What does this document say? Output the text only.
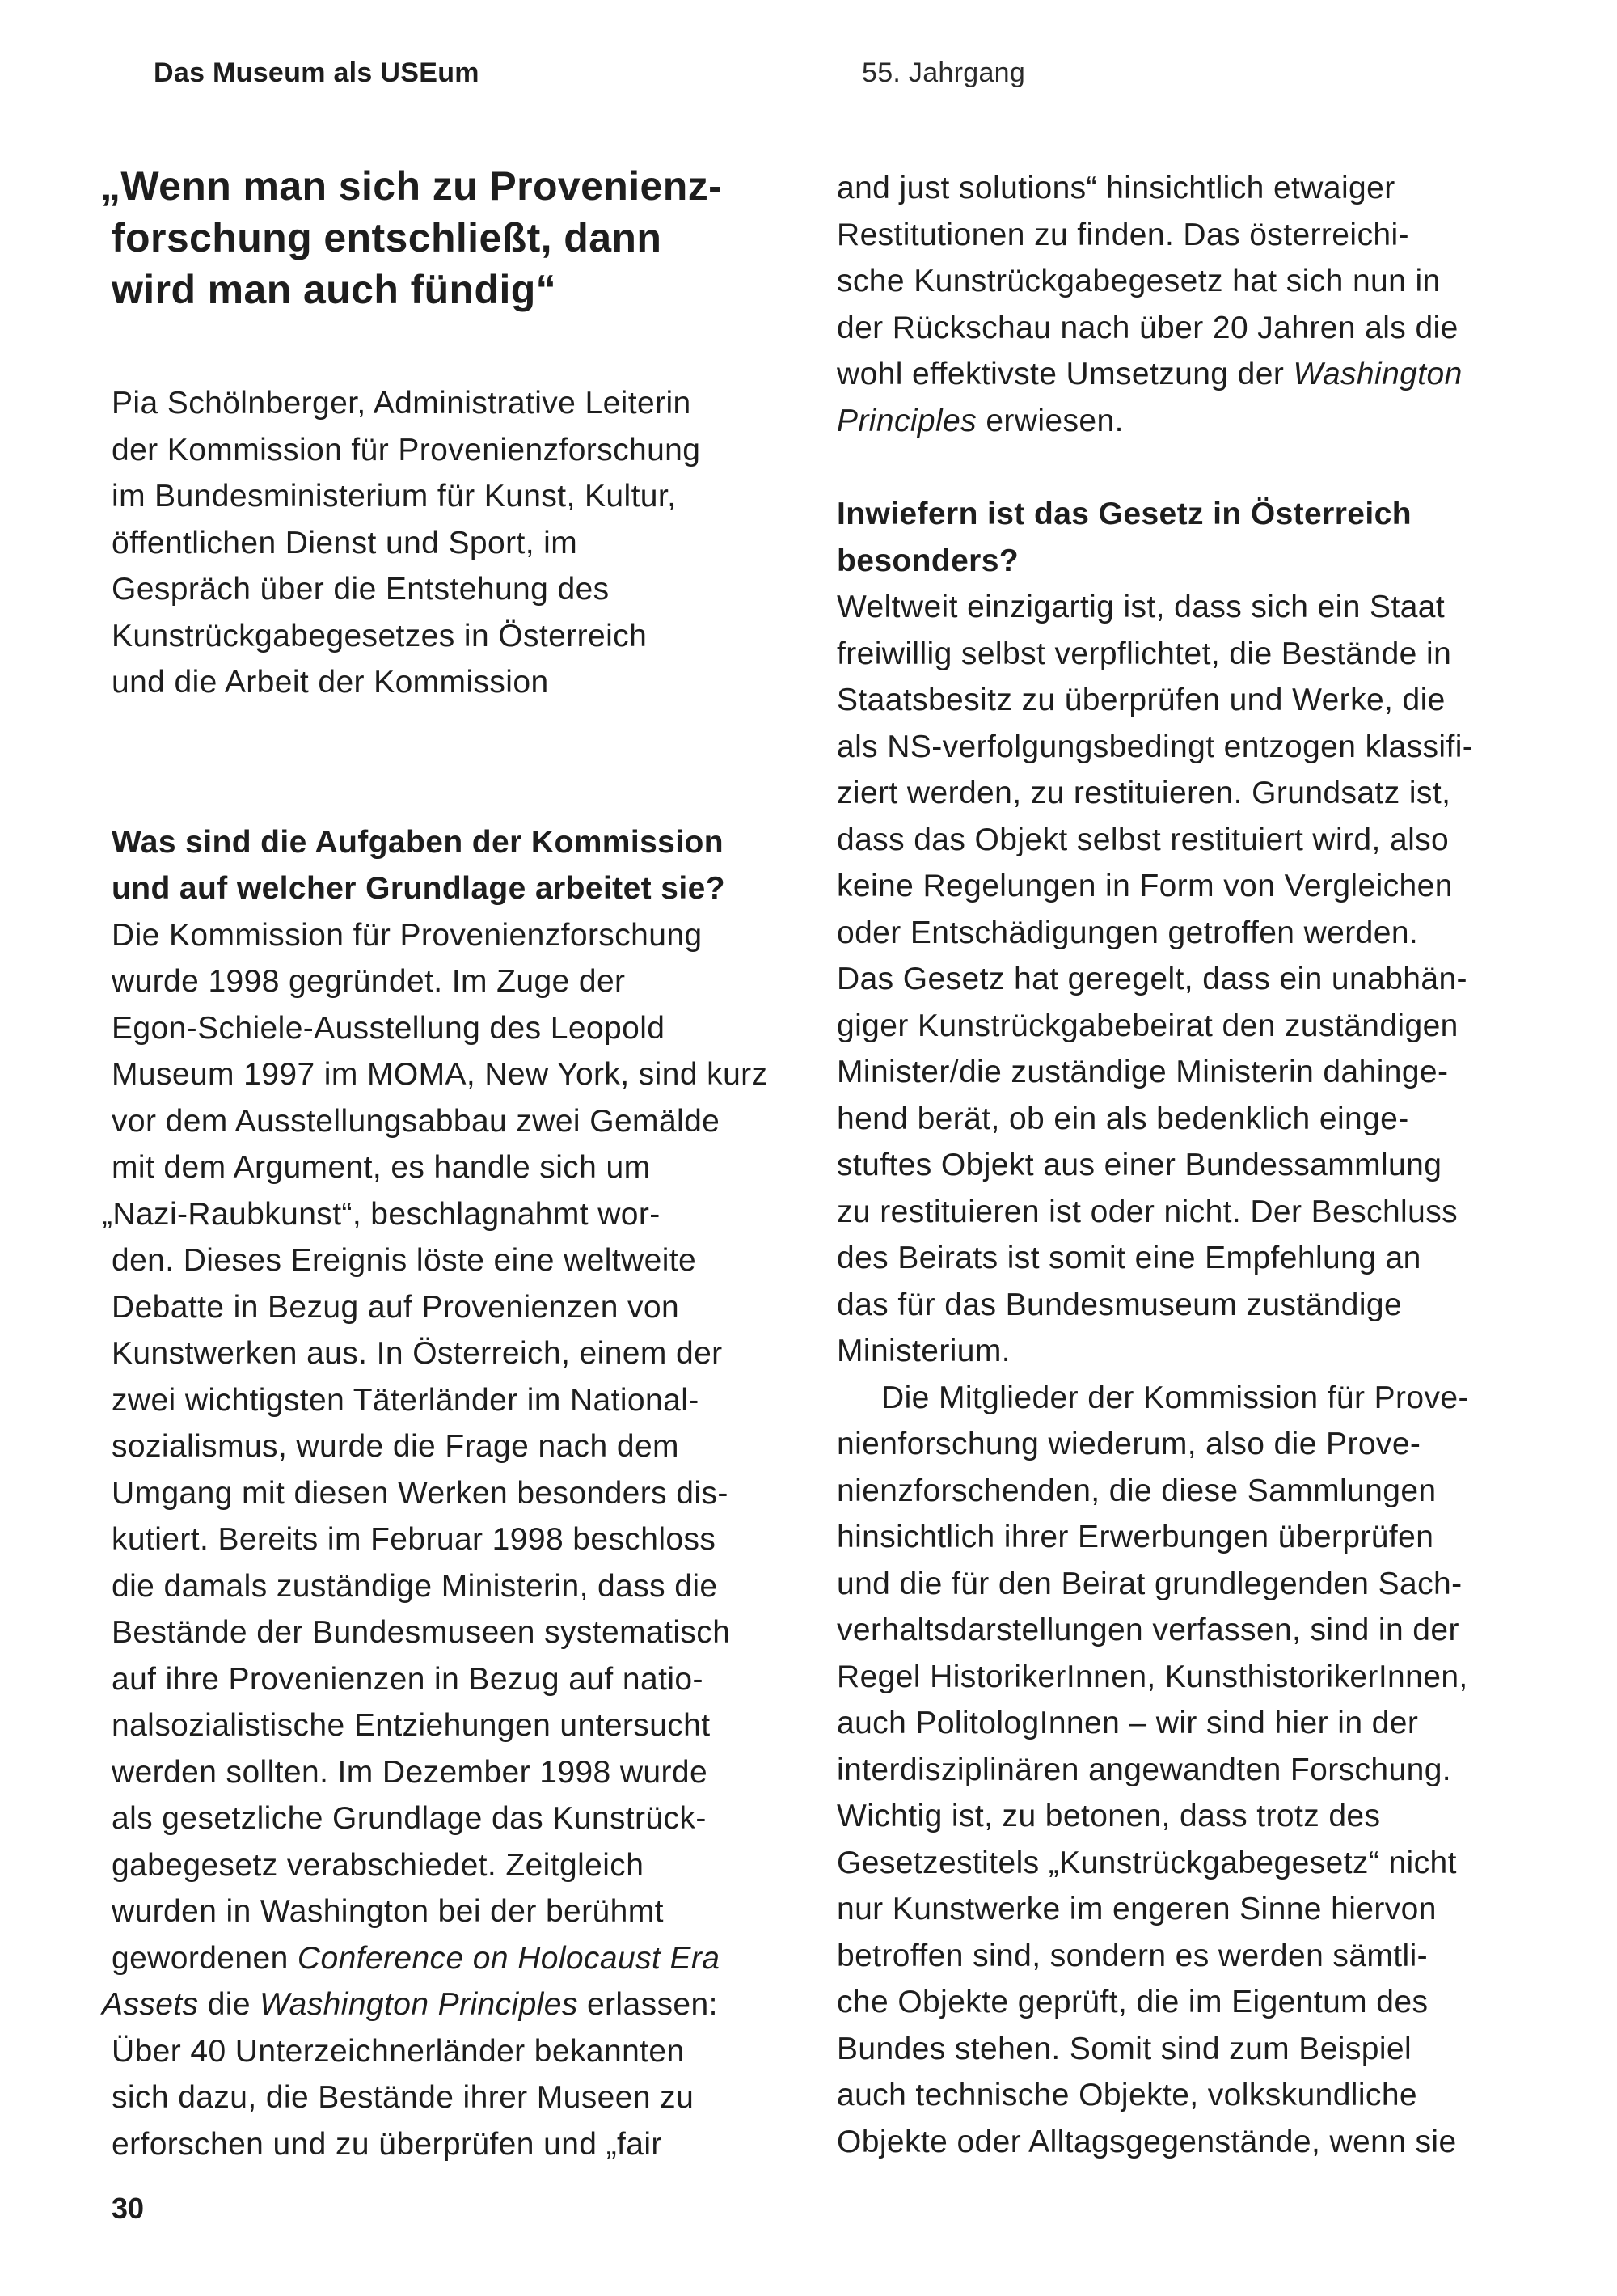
Das Museum als USEum	55. Jahrgang
„Wenn man sich zu Provenienz-
forschung entschließt, dann
wird man auch fündig“
Pia Schölnberger, Administrative Leiterin
der Kommission für Provenienzforschung
im Bundesministerium für Kunst, Kultur,
öffentlichen Dienst und Sport, im
Gespräch über die Entstehung des
Kunstrückgabegesetzes in Österreich
und die Arbeit der Kommission
Was sind die Aufgaben der Kommission
und auf welcher Grundlage arbeitet sie?
Die Kommission für Provenienzforschung
wurde 1998 gegründet. Im Zuge der
Egon-Schiele-Ausstellung des Leopold
Museum 1997 im MOMA, New York, sind kurz
vor dem Ausstellungsabbau zwei Gemälde
mit dem Argument, es handle sich um
„Nazi-Raubkunst“, beschlagnahmt wor-
den. Dieses Ereignis löste eine weltweite
Debatte in Bezug auf Provenienzen von
Kunstwerken aus. In Österreich, einem der
zwei wichtigsten Täterländer im National-
sozialismus, wurde die Frage nach dem
Umgang mit diesen Werken besonders dis-
kutiert. Bereits im Februar 1998 beschloss
die damals zuständige Ministerin, dass die
Bestände der Bundesmuseen systematisch
auf ihre Provenienzen in Bezug auf natio-
nalsozialistische Entziehungen untersucht
werden sollten. Im Dezember 1998 wurde
als gesetzliche Grundlage das Kunstrück-
gabegesetz verabschiedet. Zeitgleich
wurden in Washington bei der berühmt
gewordenen Conference on Holocaust Era
Assets die Washington Principles erlassen:
Über 40 Unterzeichnerländer bekannten
sich dazu, die Bestände ihrer Museen zu
erforschen und zu überprüfen und „fair
and just solutions“ hinsichtlich etwaiger
Restitutionen zu finden. Das österreichi-
sche Kunstrückgabegesetz hat sich nun in
der Rückschau nach über 20 Jahren als die
wohl effektivste Umsetzung der Washington
Principles erwiesen.
Inwiefern ist das Gesetz in Österreich
besonders?
Weltweit einzigartig ist, dass sich ein Staat
freiwillig selbst verpflichtet, die Bestände in
Staatsbesitz zu überprüfen und Werke, die
als NS-verfolgungsbedingt entzogen klassifi-
ziert werden, zu restituieren. Grundsatz ist,
dass das Objekt selbst restituiert wird, also
keine Regelungen in Form von Vergleichen
oder Entschädigungen getroffen werden.
Das Gesetz hat geregelt, dass ein unabhän-
giger Kunstrückgabebeirat den zuständigen
Minister/die zuständige Ministerin dahinge-
hend berät, ob ein als bedenklich einge-
stuftes Objekt aus einer Bundessammlung
zu restituieren ist oder nicht. Der Beschluss
des Beirats ist somit eine Empfehlung an
das für das Bundesmuseum zuständige
Ministerium.
Die Mitglieder der Kommission für Prove-
nienforschung wiederum, also die Prove-
nienzforschenden, die diese Sammlungen
hinsichtlich ihrer Erwerbungen überprüfen
und die für den Beirat grundlegenden Sach-
verhaltsdarstellungen verfassen, sind in der
Regel HistorikerInnen, KunsthistorikerInnen,
auch PolitologInnen – wir sind hier in der
interdisziplinären angewandten Forschung.
Wichtig ist, zu betonen, dass trotz des
Gesetzestitels „Kunstrückgabegesetz“ nicht
nur Kunstwerke im engeren Sinne hiervon
betroffen sind, sondern es werden sämtli-
che Objekte geprüft, die im Eigentum des
Bundes stehen. Somit sind zum Beispiel
auch technische Objekte, volkskundliche
Objekte oder Alltagsgegenstände, wenn sie
30
